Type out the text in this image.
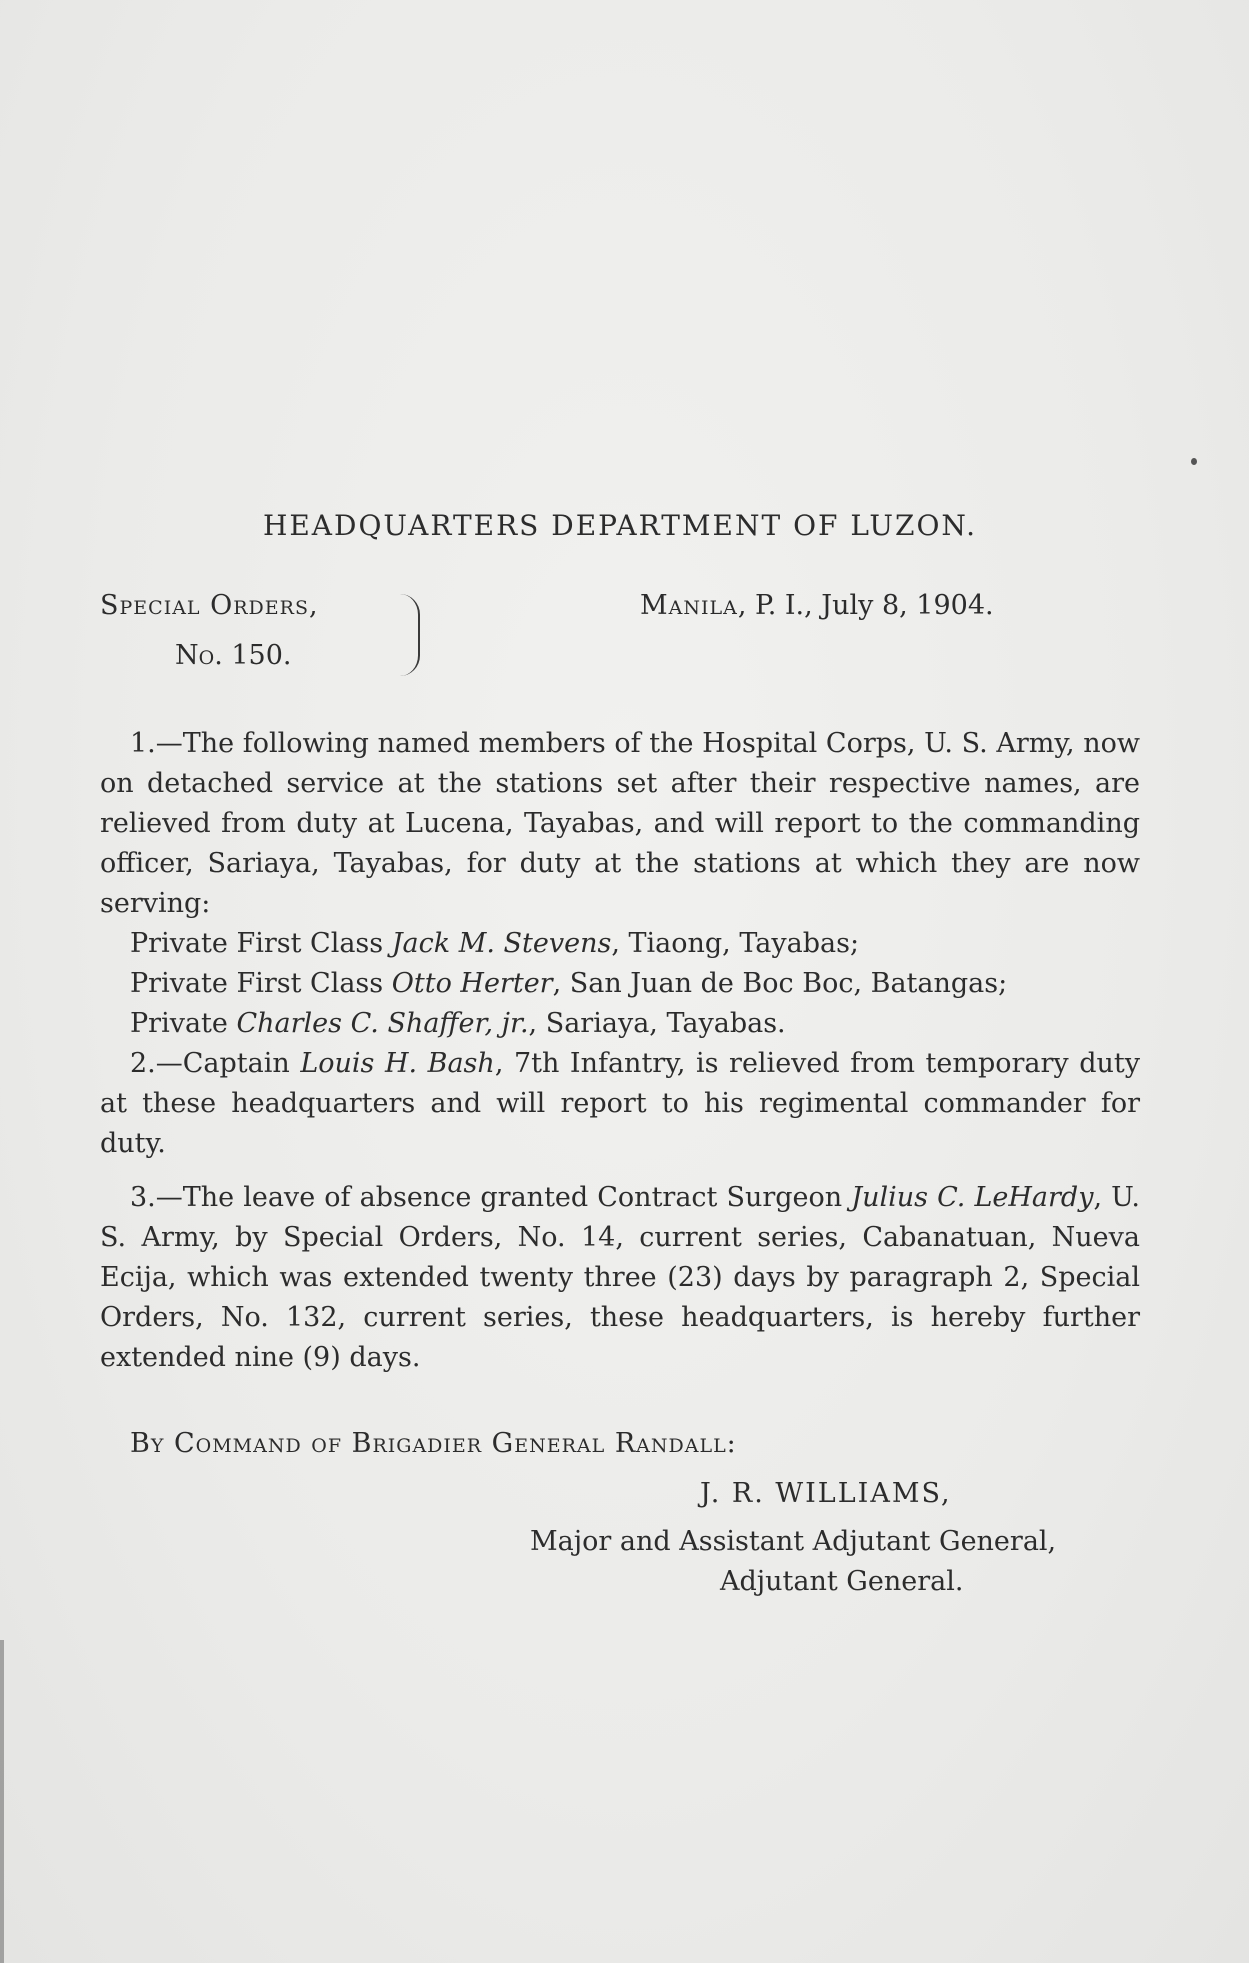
HEADQUARTERS DEPARTMENT OF LUZON.
Special Orders,
No. 150.
Manila, P. I., July 8, 1904.

1.—The following named members of the Hospital Corps, U. S. Army, now on detached service at the stations set after their respective names, are relieved from duty at Lucena, Tayabas, and will report to the commanding officer, Sariaya, Tayabas, for duty at the stations at which they are now serving:

Private First Class Jack M. Stevens, Tiaong, Tayabas;
Private First Class Otto Herter, San Juan de Boc Boc, Batangas;
Private Charles C. Shaffer, jr., Sariaya, Tayabas.

2.—Captain Louis H. Bash, 7th Infantry, is relieved from temporary duty at these headquarters and will report to his regimental commander for duty.

3.—The leave of absence granted Contract Surgeon Julius C. LeHardy, U. S. Army, by Special Orders, No. 14, current series, Cabanatuan, Nueva Ecija, which was extended twenty three (23) days by paragraph 2, Special Orders, No. 132, current series, these headquarters, is hereby further extended nine (9) days.

By Command of Brigadier General Randall:
J. R. WILLIAMS,
Major and Assistant Adjutant General,
Adjutant General.
